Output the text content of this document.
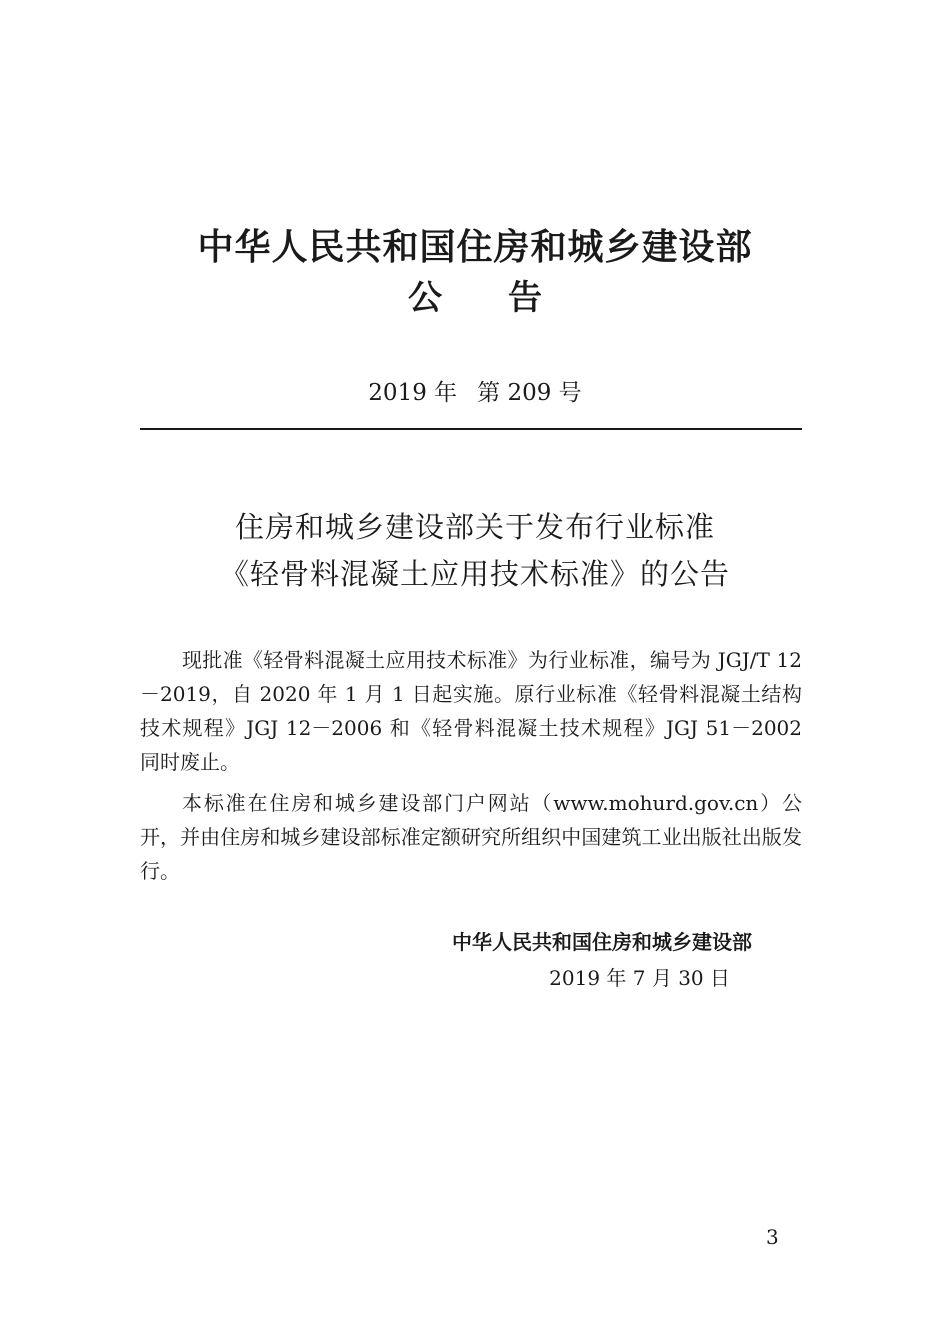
中华人民共和国住房和城乡建设部
公 告
2019 年 第 209 号
住房和城乡建设部关于发布行业标准
《轻骨料混凝土应用技术标准》的公告
现批准《轻骨料混凝土应用技术标准》为行业标准，编号为 JGJ/T 12－2019，自 2020 年 1 月 1 日起实施。原行业标准《轻骨料混凝土结构技术规程》JGJ 12－2006 和《轻骨料混凝土技术规程》JGJ 51－2002 同时废止。
本标准在住房和城乡建设部门户网站（www.mohurd.gov.cn）公开，并由住房和城乡建设部标准定额研究所组织中国建筑工业出版社出版发行。
中华人民共和国住房和城乡建设部
2019 年 7 月 30 日
3
